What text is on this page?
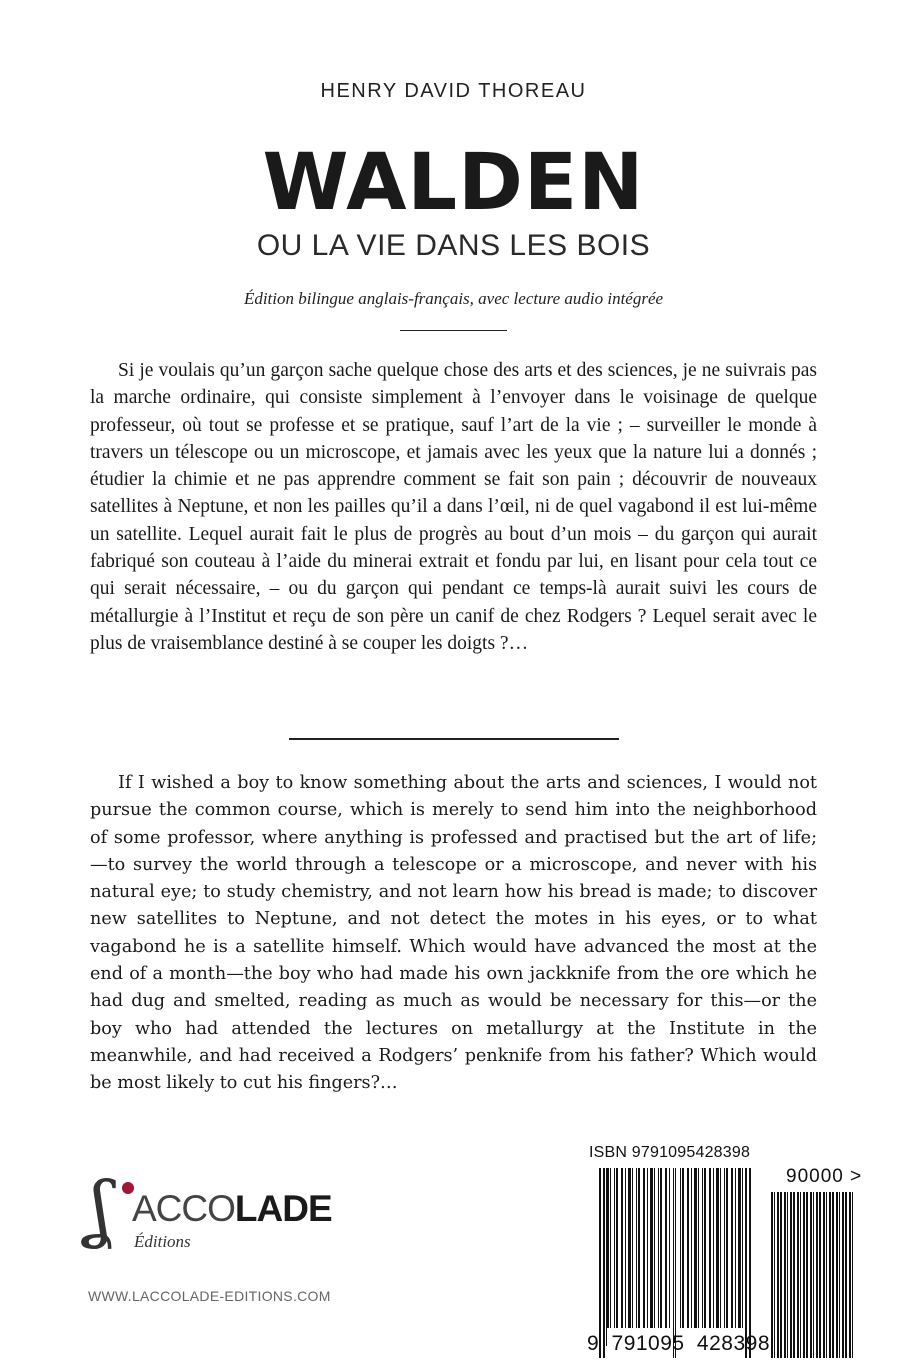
HENRY DAVID THOREAU
WALDEN
OU LA VIE DANS LES BOIS
Édition bilingue anglais-français, avec lecture audio intégrée

Si je voulais qu’un garçon sache quelque chose des arts et des sciences, je ne suivrais pas la marche ordinaire, qui consiste simplement à l’envoyer dans le voisinage de quelque professeur, où tout se professe et se pratique, sauf l’art de la vie ; – surveiller le monde à travers un télescope ou un microscope, et jamais avec les yeux que la nature lui a donnés ; étudier la chimie et ne pas apprendre comment se fait son pain ; découvrir de nouveaux satellites à Neptune, et non les pailles qu’il a dans l’œil, ni de quel vagabond il est lui-même un satellite. Lequel aurait fait le plus de progrès au bout d’un mois – du garçon qui aurait fabriqué son couteau à l’aide du minerai extrait et fondu par lui, en lisant pour cela tout ce qui serait nécessaire, – ou du garçon qui pendant ce temps-là aurait suivi les cours de métallurgie à l’Institut et reçu de son père un canif de chez Rodgers ? Lequel serait avec le plus de vraisemblance destiné à se couper les doigts ?…

If I wished a boy to know something about the arts and sciences, I would not pursue the common course, which is merely to send him into the neighborhood of some professor, where anything is professed and practised but the art of life;—to survey the world through a telescope or a microscope, and never with his natural eye; to study chemistry, and not learn how his bread is made; to discover new satellites to Neptune, and not detect the motes in his eyes, or to what vagabond he is a satellite himself. Which would have advanced the most at the end of a month—the boy who had made his own jackknife from the ore which he had dug and smelted, reading as much as would be necessary for this—or the boy who had attended the lectures on metallurgy at the Institute in the meanwhile, and had received a Rodgers’ penknife from his father? Which would be most likely to cut his fingers?…

ʆ ACCOLADE
Éditions
WWW.LACCOLADE-EDITIONS.COM
ISBN 9791095428398
9 791095 428398
90000 >
